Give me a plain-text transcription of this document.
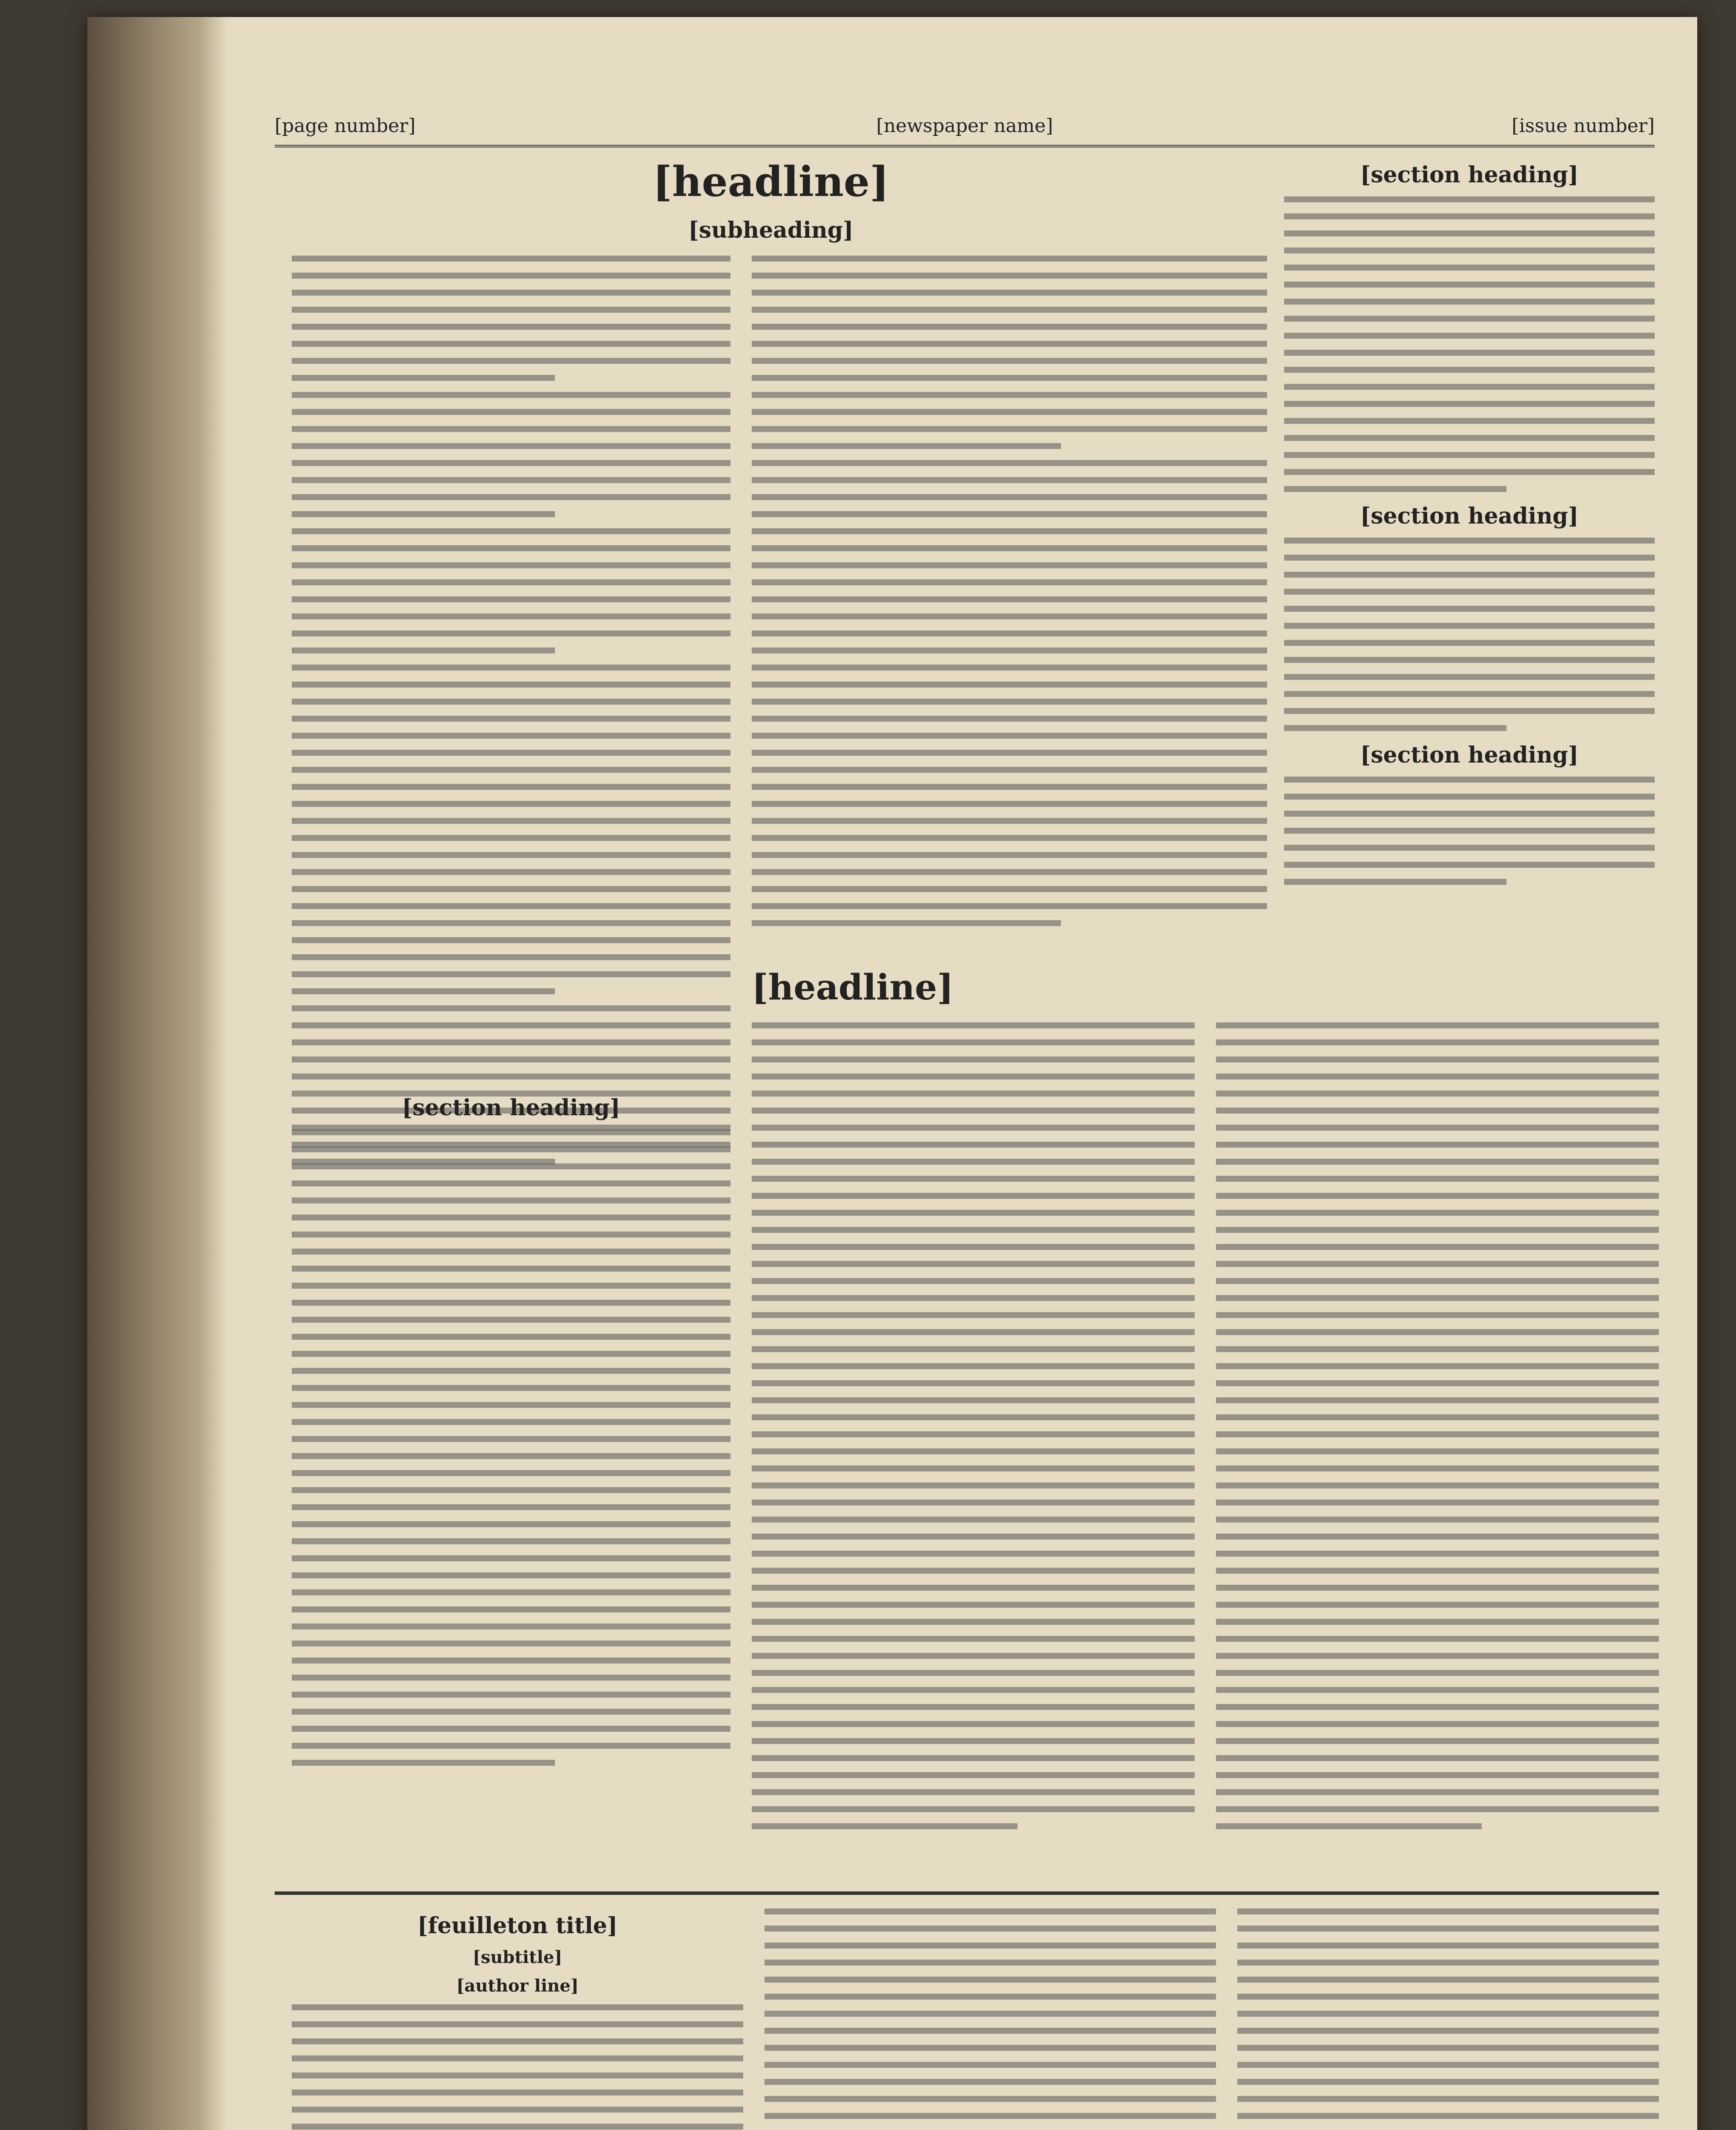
[page number]	[newspaper name]	[issue number]
[headline]
[subheading]
[section heading]
[section heading]
[section heading]
[section heading]
[headline]
[feuilleton title]
[subtitle]
[author line]
